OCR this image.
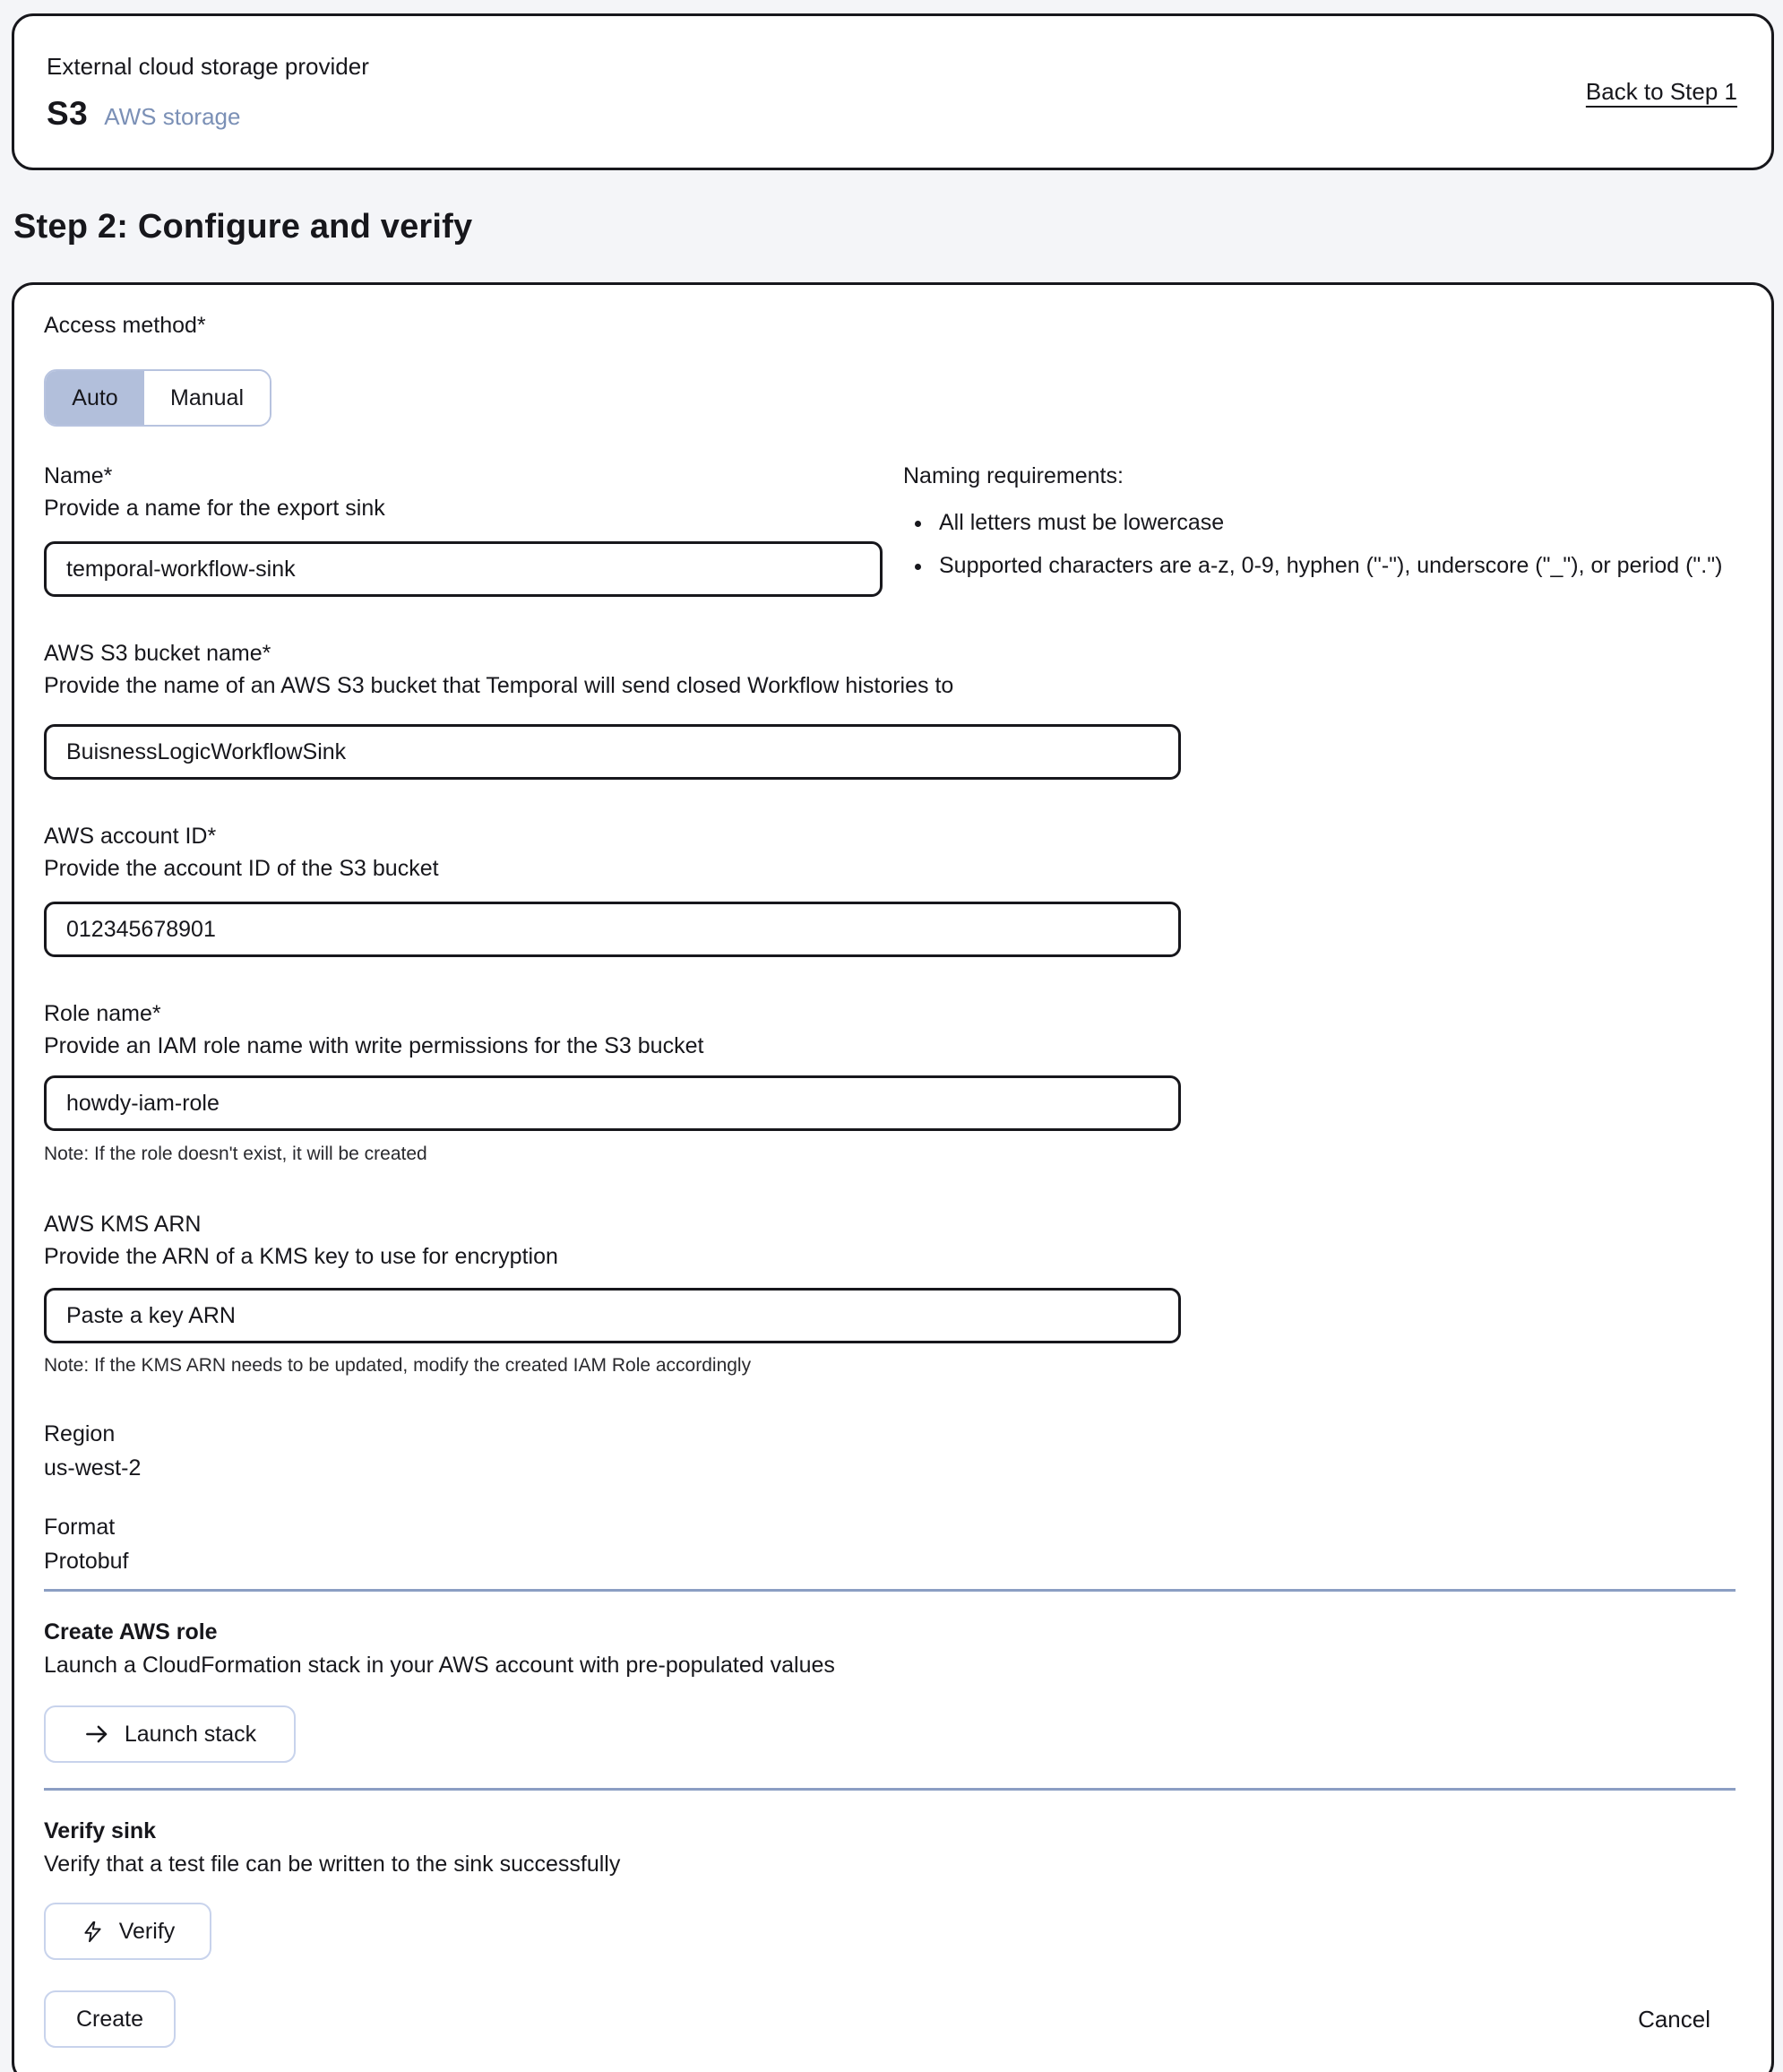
External cloud storage provider
S3 AWS storage
Back to Step 1
Step 2: Configure and verify
Access method*
Auto	Manual
Name*
Provide a name for the export sink
temporal-workflow-sink
Naming requirements:
• All letters must be lowercase
• Supported characters are a-z, 0-9, hyphen ("-"), underscore ("_"), or period (".")
AWS S3 bucket name*
Provide the name of an AWS S3 bucket that Temporal will send closed Workflow histories to
BuisnessLogicWorkflowSink
AWS account ID*
Provide the account ID of the S3 bucket
012345678901
Role name*
Provide an IAM role name with write permissions for the S3 bucket
howdy-iam-role
Note: If the role doesn't exist, it will be created
AWS KMS ARN
Provide the ARN of a KMS key to use for encryption
Paste a key ARN
Note: If the KMS ARN needs to be updated, modify the created IAM Role accordingly
Region
us-west-2
Format
Protobuf
Create AWS role
Launch a CloudFormation stack in your AWS account with pre-populated values
Launch stack
Verify sink
Verify that a test file can be written to the sink successfully
Verify
Create	Cancel
